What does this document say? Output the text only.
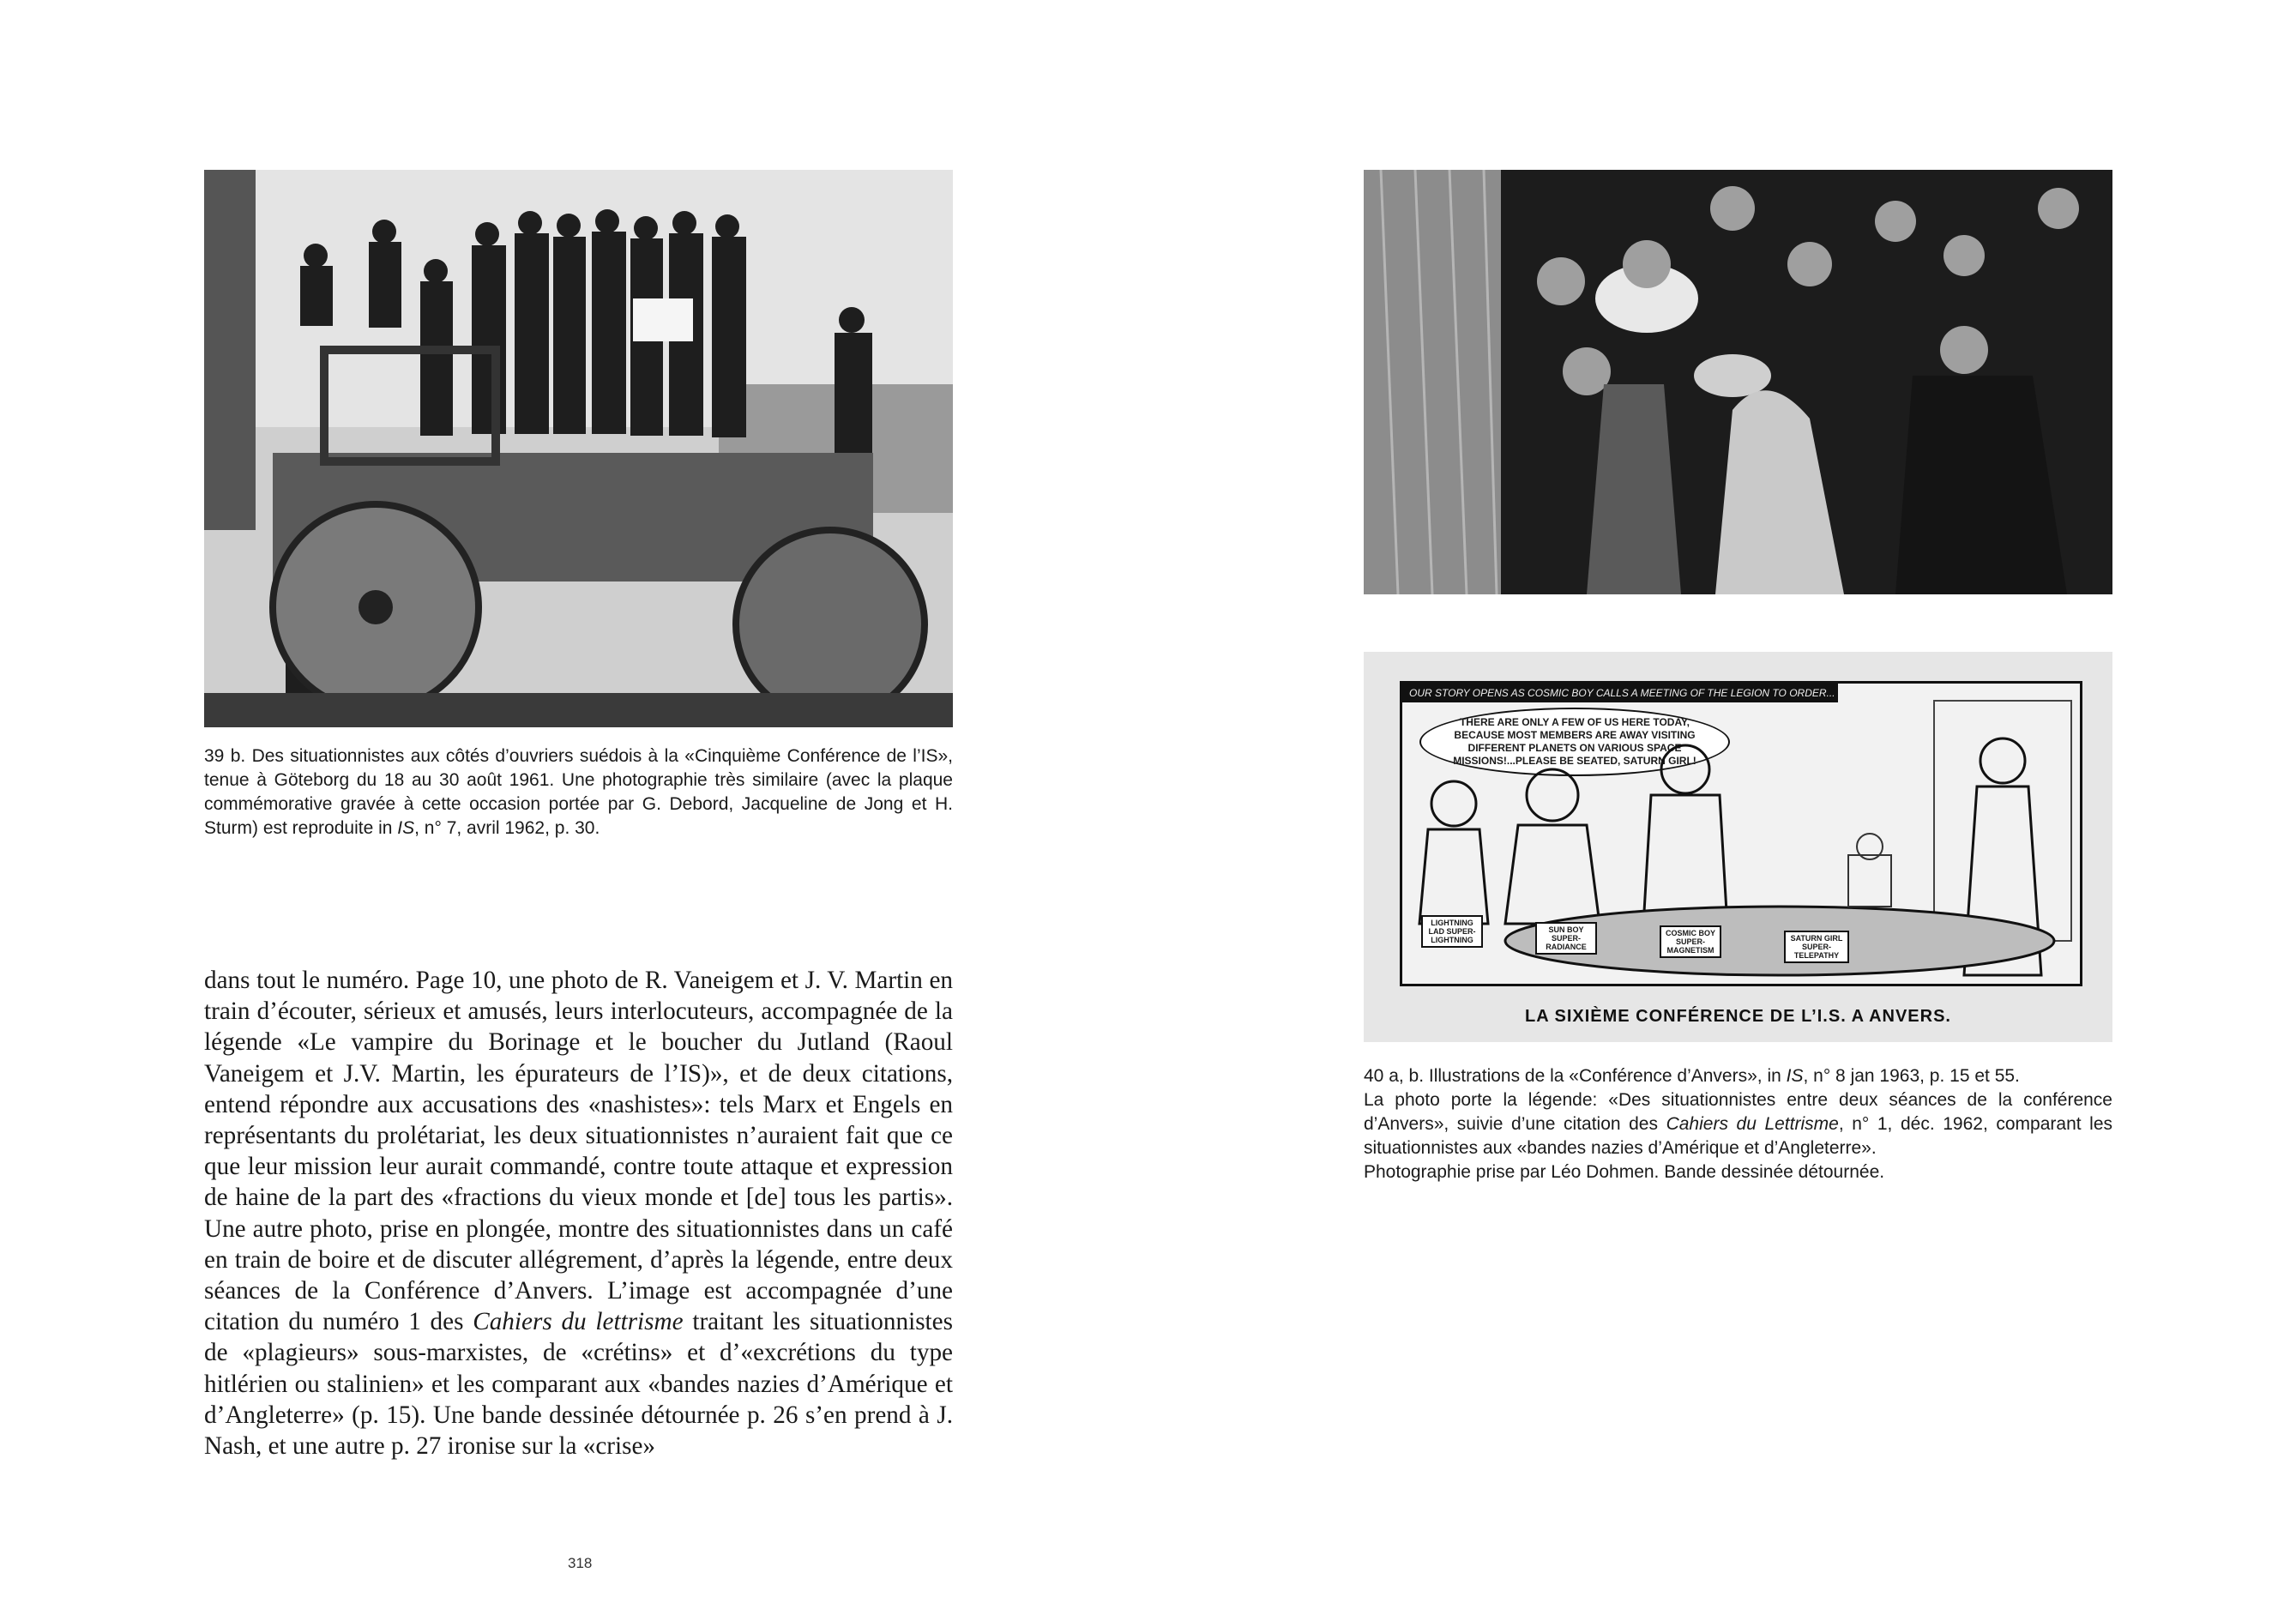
39 b. Des situationnistes aux côtés d’ouvriers suédois à la «Cinquième Conférence de l’IS», tenue à Göteborg du 18 au 30 août 1961. Une photographie très similaire (avec la plaque commémorative gravée à cette occasion portée par G. Debord, Jacqueline de Jong et H. Sturm) est reproduite in IS, n° 7, avril 1962, p. 30.

dans tout le numéro. Page 10, une photo de R. Vaneigem et J. V. Martin en train d’écouter, sérieux et amusés, leurs interlocuteurs, accompagnée de la légende «Le vampire du Borinage et le boucher du Jutland (Raoul Vaneigem et J.V. Martin, les épurateurs de l’IS)», et de deux citations, entend répondre aux accusations des «nashistes»: tels Marx et Engels en représentants du prolétariat, les deux situationnistes n’auraient fait que ce que leur mission leur aurait commandé, contre toute attaque et expression de haine de la part des «fractions du vieux monde et [de] tous les partis». Une autre photo, prise en plongée, montre des situationnistes dans un café en train de boire et de discuter allégrement, d’après la légende, entre deux séances de la Conférence d’Anvers. L’image est accompagnée d’une citation du numéro 1 des Cahiers du lettrisme traitant les situationnistes de «plagieurs» sous-marxistes, de «crétins» et d’«excrétions du type hitlérien ou stalinien» et les comparant aux «bandes nazies d’Amérique et d’Angleterre» (p. 15). Une bande dessinée détournée p. 26 s’en prend à J. Nash, et une autre p. 27 ironise sur la «crise»

318
OUR STORY OPENS AS COSMIC BOY CALLS A MEETING OF THE LEGION TO ORDER...
THERE ARE ONLY A FEW OF US HERE TODAY, BECAUSE MOST MEMBERS ARE AWAY VISITING DIFFERENT PLANETS ON VARIOUS SPACE MISSIONS!...PLEASE BE SEATED, SATURN GIRL!
LIGHTNING LAD SUPER-LIGHTNING
SUN BOY SUPER-RADIANCE
COSMIC BOY SUPER-MAGNETISM
SATURN GIRL SUPER-TELEPATHY
LA SIXIÈME CONFÉRENCE DE L’I.S. A ANVERS.

40 a, b. Illustrations de la «Conférence d’Anvers», in IS, n° 8 jan 1963, p. 15 et 55.

La photo porte la légende: «Des situationnistes entre deux séances de la conférence d’Anvers», suivie d’une citation des Cahiers du Lettrisme, n° 1, déc. 1962, comparant les situationnistes aux «bandes nazies d’Amérique et d’Angleterre».

Photographie prise par Léo Dohmen. Bande dessinée détournée.
